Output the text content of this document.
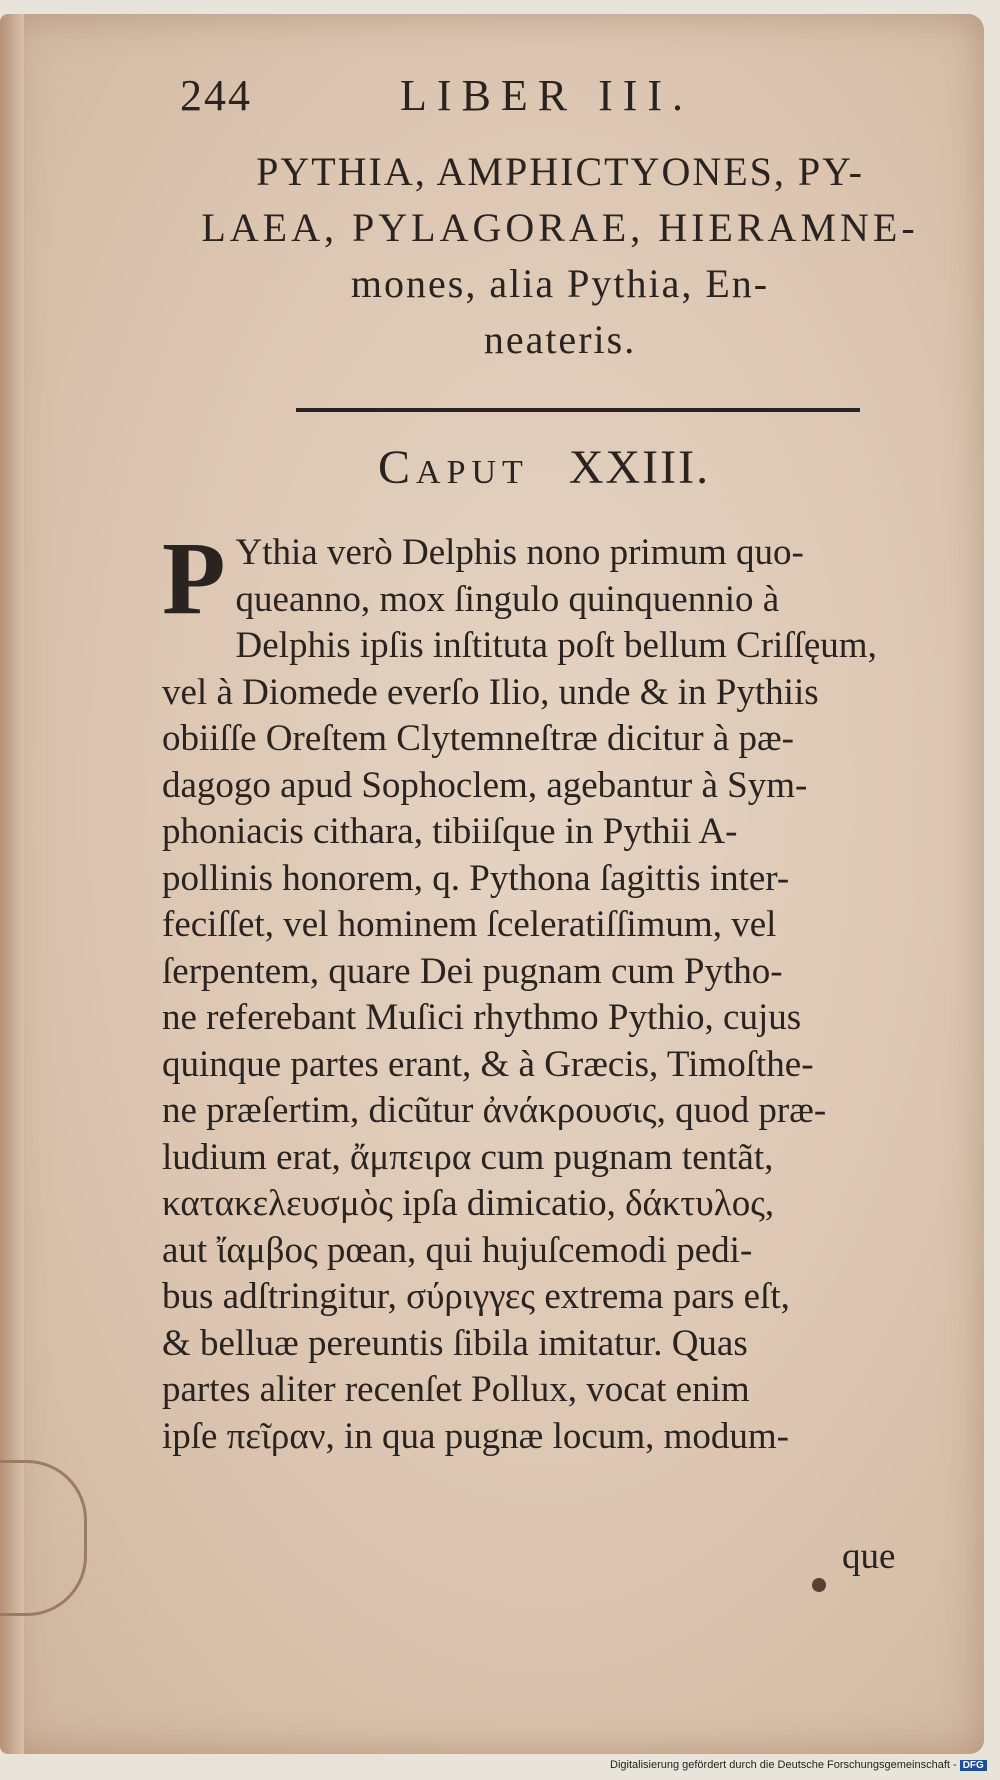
244	LIBER III.
PYTHIA, AMPHICTYONES, PY-
LAEA, PYLAGORAE, HIERAMNE-
mones, alia Pythia, En-
neateris.
Caput XXIII.
P Ythia verò Delphis nono primum quo-
queanno, mox ſingulo quinquennio à
Delphis ipſis inſtituta poſt bellum Criſſęum,
vel à Diomede everſo Ilio, unde & in Pythiis
obiiſſe Oreſtem Clytemneſtræ dicitur à pæ-
dagogo apud Sophoclem, agebantur à Sym-
phoniacis cithara, tibiiſque in Pythii A-
pollinis honorem, q. Pythona ſagittis inter-
feciſſet, vel hominem ſceleratiſſimum, vel
ſerpentem, quare Dei pugnam cum Pytho-
ne referebant Muſici rhythmo Pythio, cujus
quinque partes erant, & à Græcis, Timoſthe-
ne præſertim, dicũtur ἀνάκρουσις, quod præ-
ludium erat, ἄμπειρα cum pugnam tentãt,
κατακελευσμὸς ipſa dimicatio, δάκτυλος,
aut ἴαμβος pœan, qui hujuſcemodi pedi-
bus adſtringitur, σύριγγες extrema pars eſt,
& belluæ pereuntis ſibila imitatur. Quas
partes aliter recenſet Pollux, vocat enim
ipſe πεῖραν, in qua pugnæ locum, modum-
que
Digitalisierung gefördert durch die Deutsche Forschungsgemeinschaft - DFG
